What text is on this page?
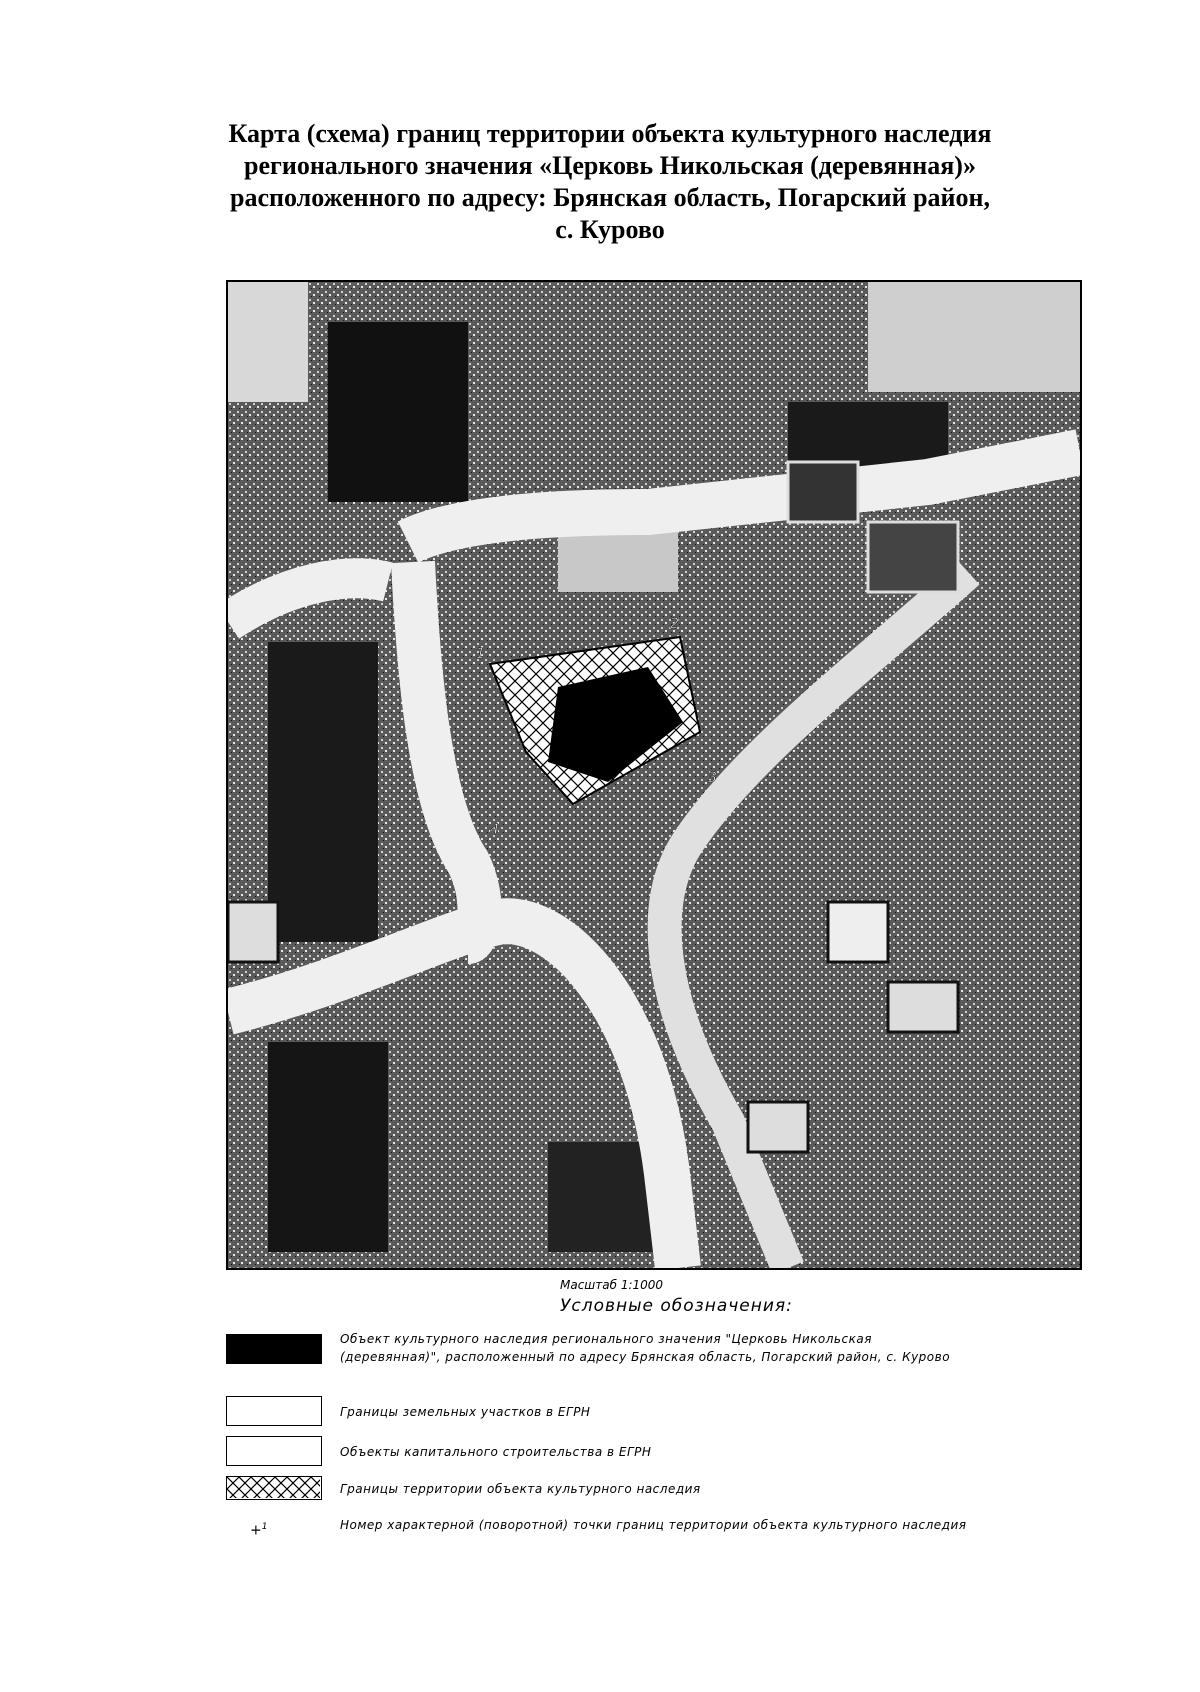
Карта (схема) границ территории объекта культурного наследия
регионального значения «Церковь Никольская (деревянная)»
расположенного по адресу: Брянская область, Погарский район,
с. Курово
1
2
3
4
Масштаб 1:1000
Условные обозначения:
Объект культурного наследия регионального значения "Церковь Никольская
(деревянная)", расположенный по адресу Брянская область, Погарский район, с. Курово
Границы земельных участков в ЕГРН
Объекты капитального строительства в ЕГРН
Границы территории объекта культурного наследия
+$^1$	Номер характерной (поворотной) точки границ территории объекта культурного наследия
